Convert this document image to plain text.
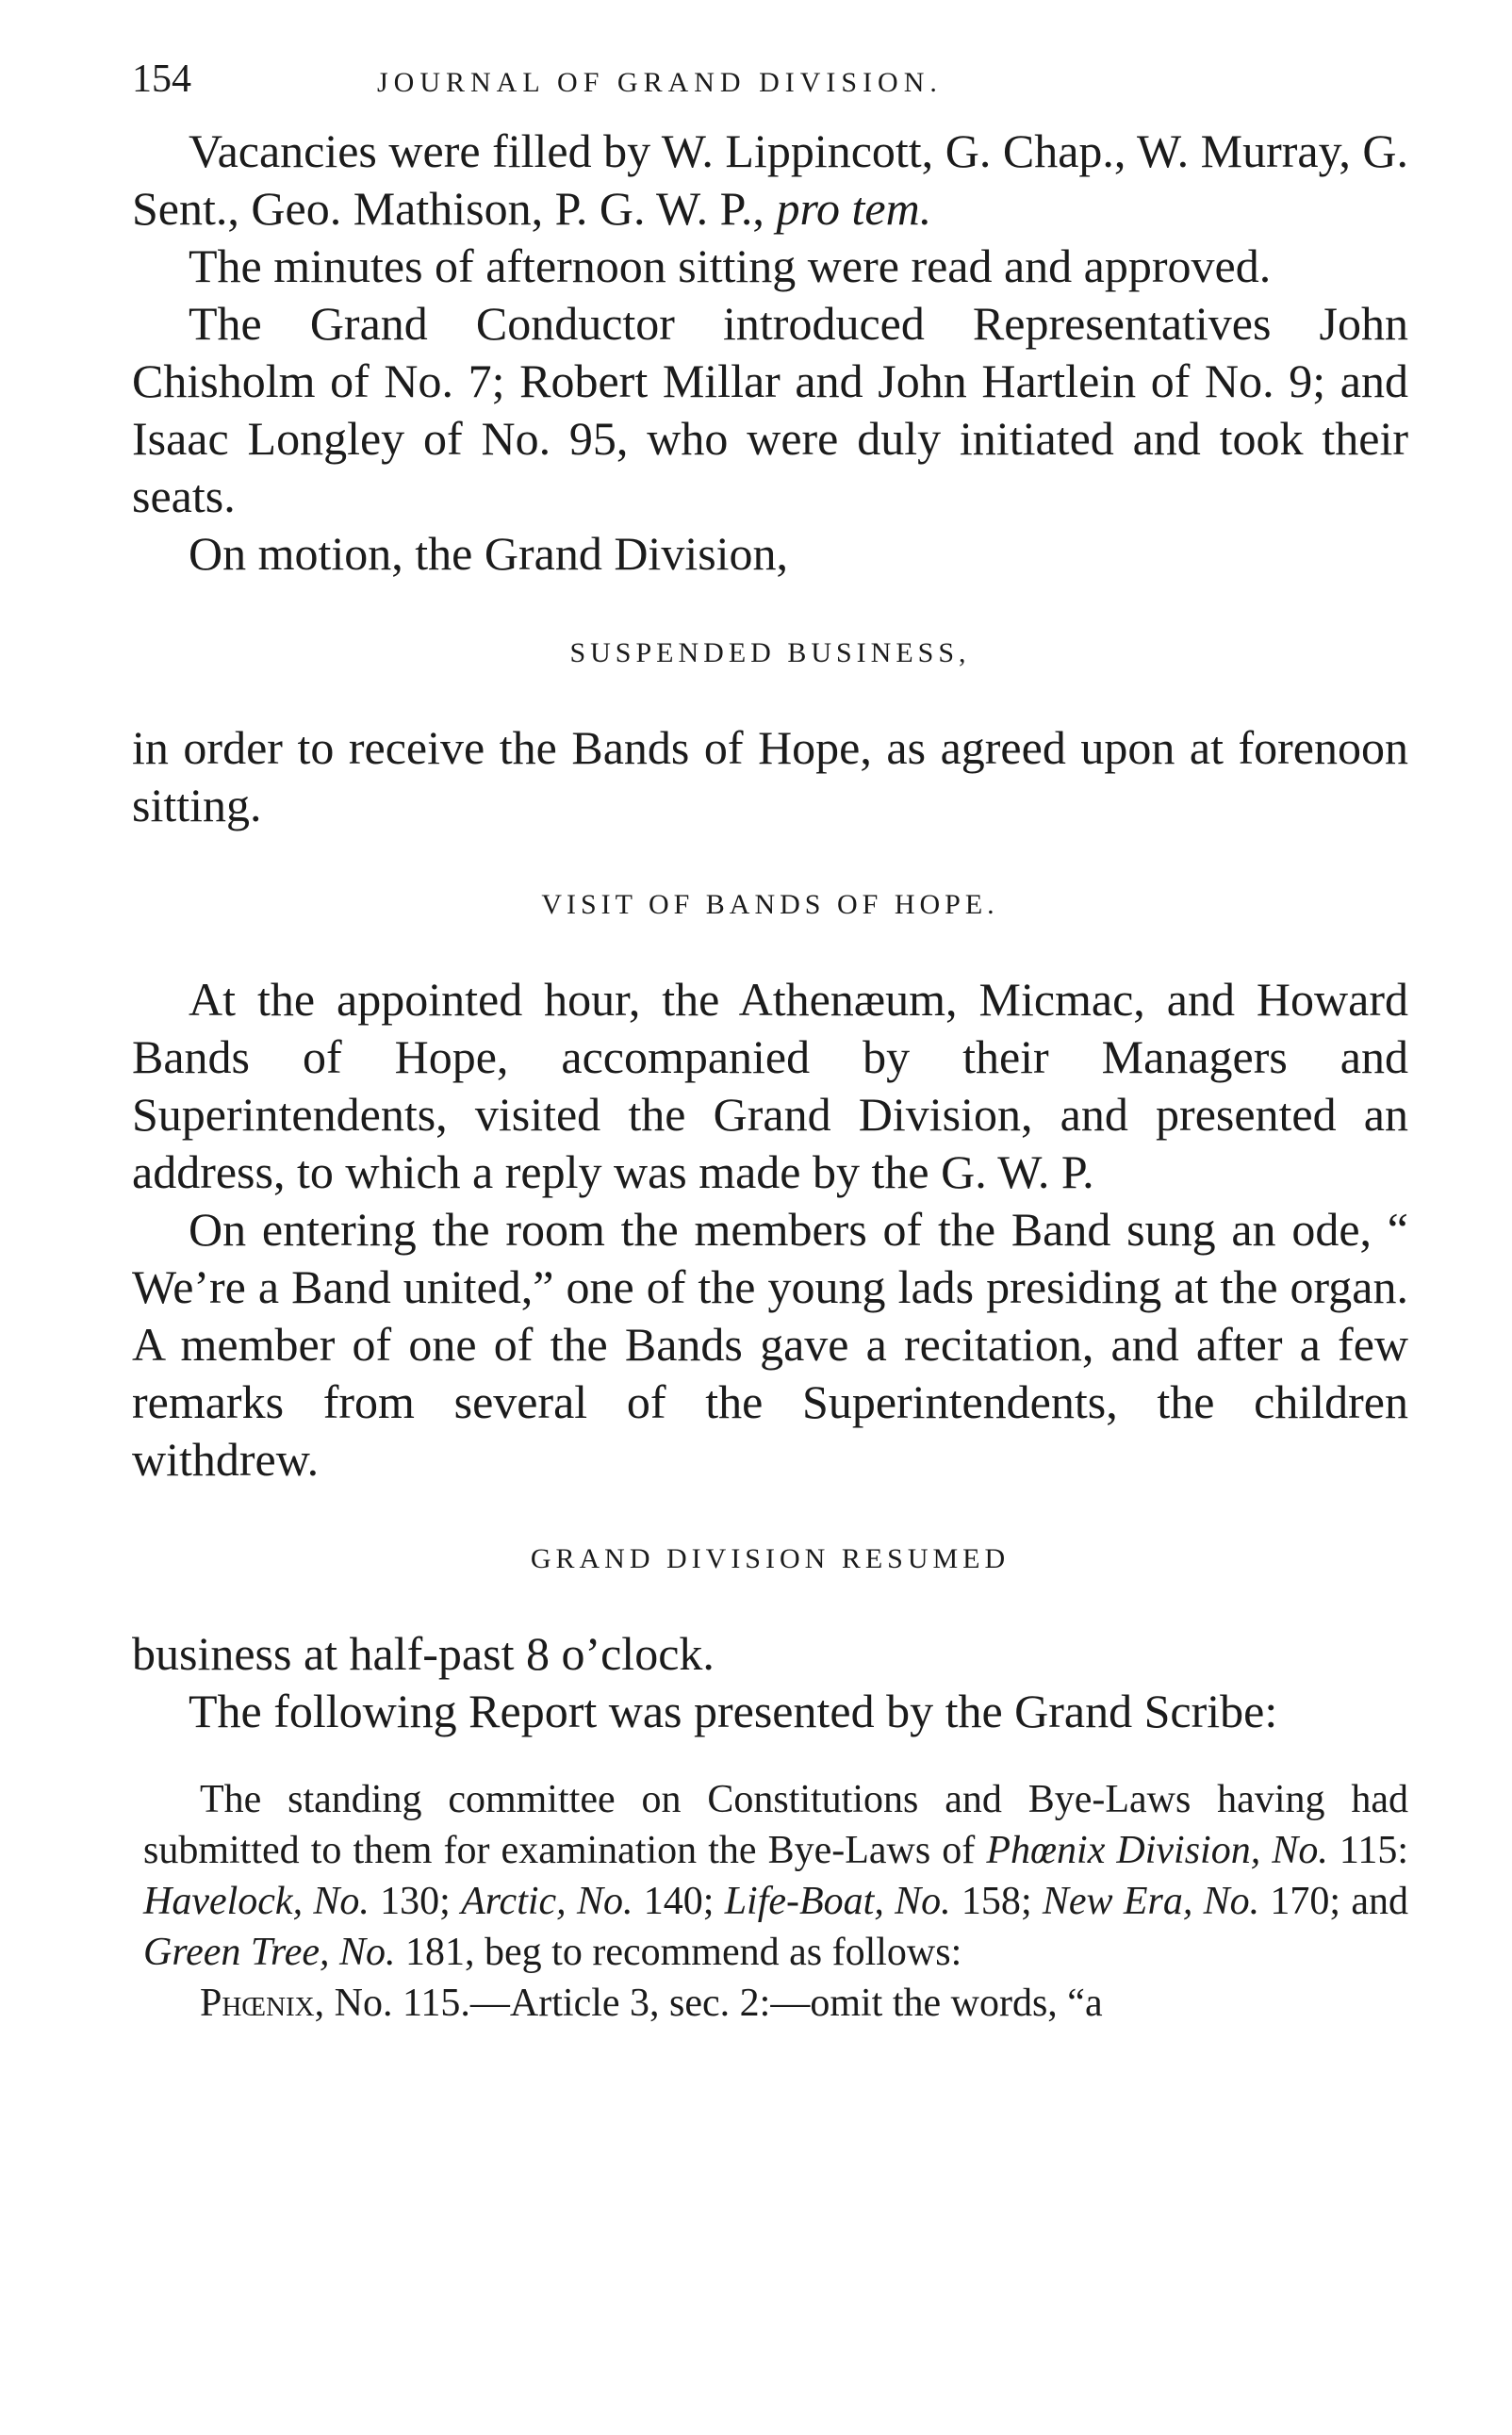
154	JOURNAL OF GRAND DIVISION.

Vacancies were filled by W. Lippincott, G. Chap., W. Murray, G. Sent., Geo. Mathison, P. G. W. P., pro tem.

The minutes of afternoon sitting were read and approved.

The Grand Conductor introduced Representatives John Chisholm of No. 7; Robert Millar and John Hartlein of No. 9; and Isaac Longley of No. 95, who were duly initiated and took their seats.

On motion, the Grand Division,

SUSPENDED BUSINESS,

in order to receive the Bands of Hope, as agreed upon at forenoon sitting.

VISIT OF BANDS OF HOPE.

At the appointed hour, the Athenæum, Micmac, and Howard Bands of Hope, accompanied by their Managers and Superintendents, visited the Grand Division, and presented an address, to which a reply was made by the G. W. P.

On entering the room the members of the Band sung an ode, “ We’re a Band united,” one of the young lads presiding at the organ. A member of one of the Bands gave a recitation, and after a few remarks from several of the Superintendents, the children withdrew.

GRAND DIVISION RESUMED

business at half-past 8 o’clock.

The following Report was presented by the Grand Scribe:

The standing committee on Constitutions and Bye-Laws having had submitted to them for examination the Bye-Laws of Phœnix Division, No. 115: Havelock, No. 130; Arctic, No. 140; Life-Boat, No. 158; New Era, No. 170; and Green Tree, No. 181, beg to recommend as follows:

Phœnix, No. 115.—Article 3, sec. 2:—omit the words, “a
